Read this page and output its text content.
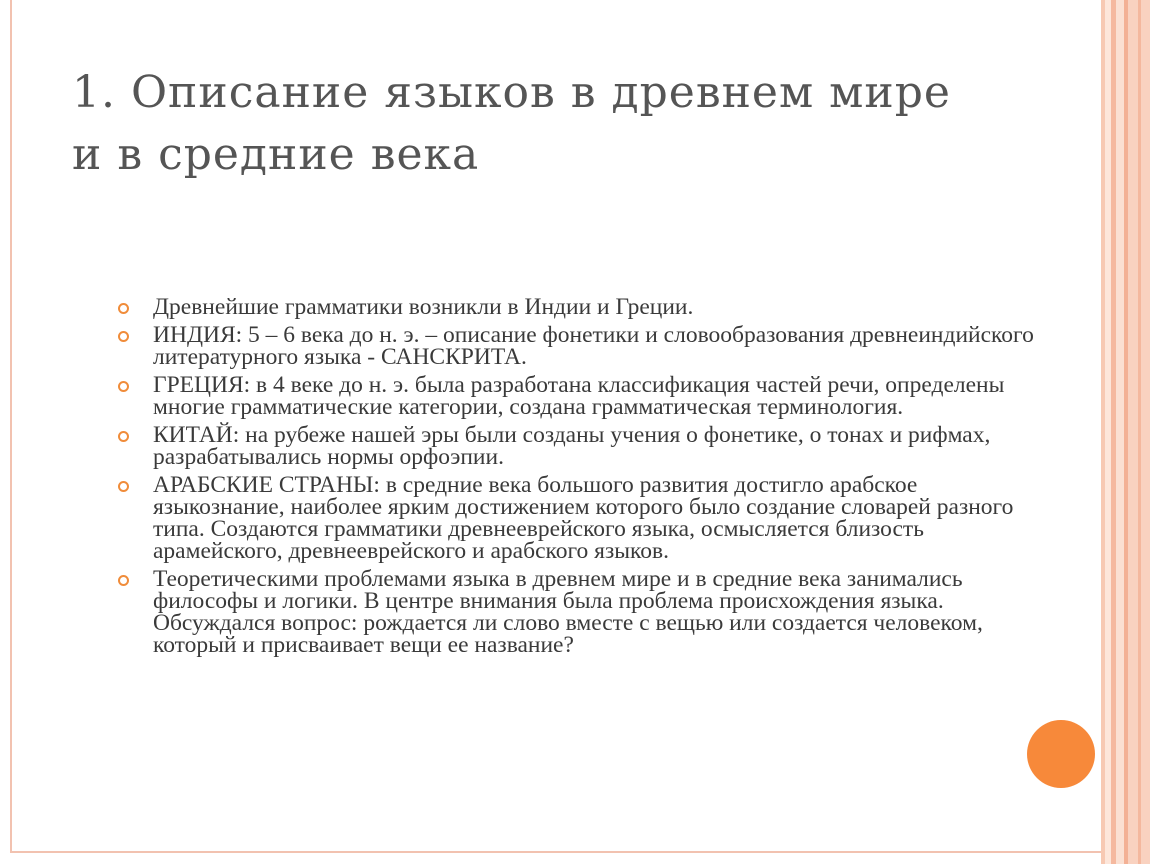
1. Описание языков в древнем мире
и в средние века
Древнейшие грамматики возникли в Индии и Греции.
ИНДИЯ: 5 – 6 века до н. э. – описание фонетики и словообразования древнеиндийского литературного языка - САНСКРИТА.
ГРЕЦИЯ: в 4 веке до н. э. была разработана классификация частей речи, определены многие грамматические категории, создана грамматическая терминология.
КИТАЙ: на рубеже нашей эры были созданы учения о фонетике, о тонах и рифмах, разрабатывались нормы орфоэпии.
АРАБСКИЕ СТРАНЫ: в средние века большого развития достигло арабское языкознание, наиболее ярким достижением которого было создание словарей разного типа. Создаются грамматики древнееврейского языка, осмысляется близость арамейского, древнееврейского и арабского языков.
Теоретическими проблемами языка в древнем мире и в средние века занимались философы и логики. В центре внимания была проблема происхождения языка. Обсуждался вопрос: рождается ли слово вместе с вещью или создается человеком, который и присваивает вещи ее название?
